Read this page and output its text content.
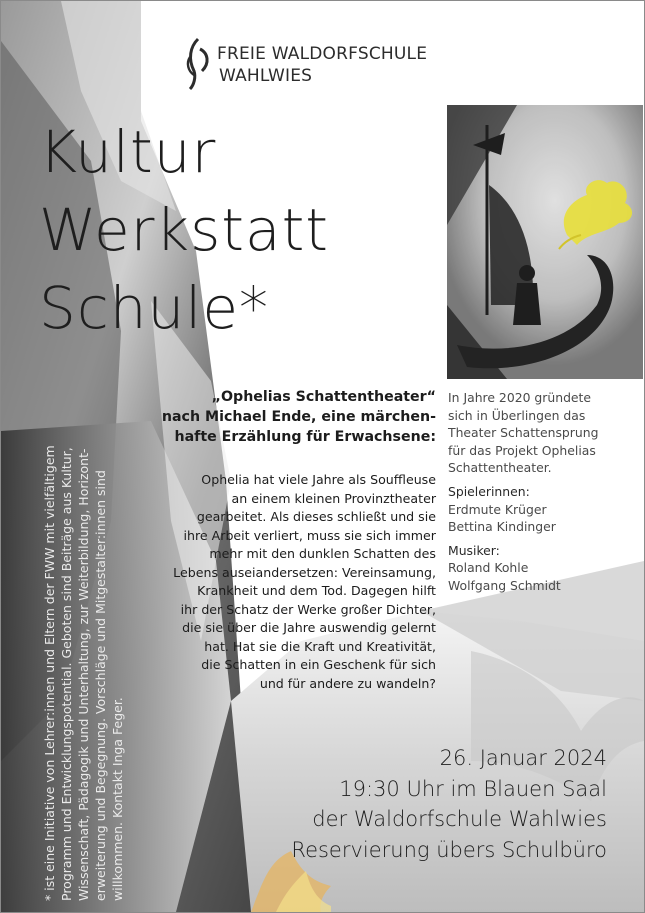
FREIE WALDORFSCHULE
WAHLWIES
Kultur
Werkstatt
Schule*
* ist eine Initiative von Lehrer:innen und Eltern der FWW mit vielfältigem Programm und Entwicklungspotential. Geboten sind Beiträge aus Kultur, Wissenschaft, Pädagogik und Unterhaltung, zur Weiterbildung, Horizont- erweiterung und Begegnung. Vorschläge und Mitgestalter:innen sind willkommen. Kontakt Inga Feger.
„Ophelias Schattentheater“
nach Michael Ende, eine märchen-
hafte Erzählung für Erwachsene:
Ophelia hat viele Jahre als Souffleuse
an einem kleinen Provinztheater
gearbeitet. Als dieses schließt und sie
ihre Arbeit verliert, muss sie sich immer
mehr mit den dunklen Schatten des
Lebens auseiandersetzen: Vereinsamung,
Krankheit und dem Tod. Dagegen hilft
ihr der Schatz der Werke großer Dichter,
die sie über die Jahre auswendig gelernt
hat. Hat sie die Kraft und Kreativität,
die Schatten in ein Geschenk für sich
und für andere zu wandeln?
In Jahre 2020 gründete
sich in Überlingen das
Theater Schattensprung
für das Projekt Ophelias
Schattentheater.
Spielerinnen:
Erdmute Krüger
Bettina Kindinger
Musiker:
Roland Kohle
Wolfgang Schmidt
26. Januar 2024
19:30 Uhr im Blauen Saal
der Waldorfschule Wahlwies
Reservierung übers Schulbüro
